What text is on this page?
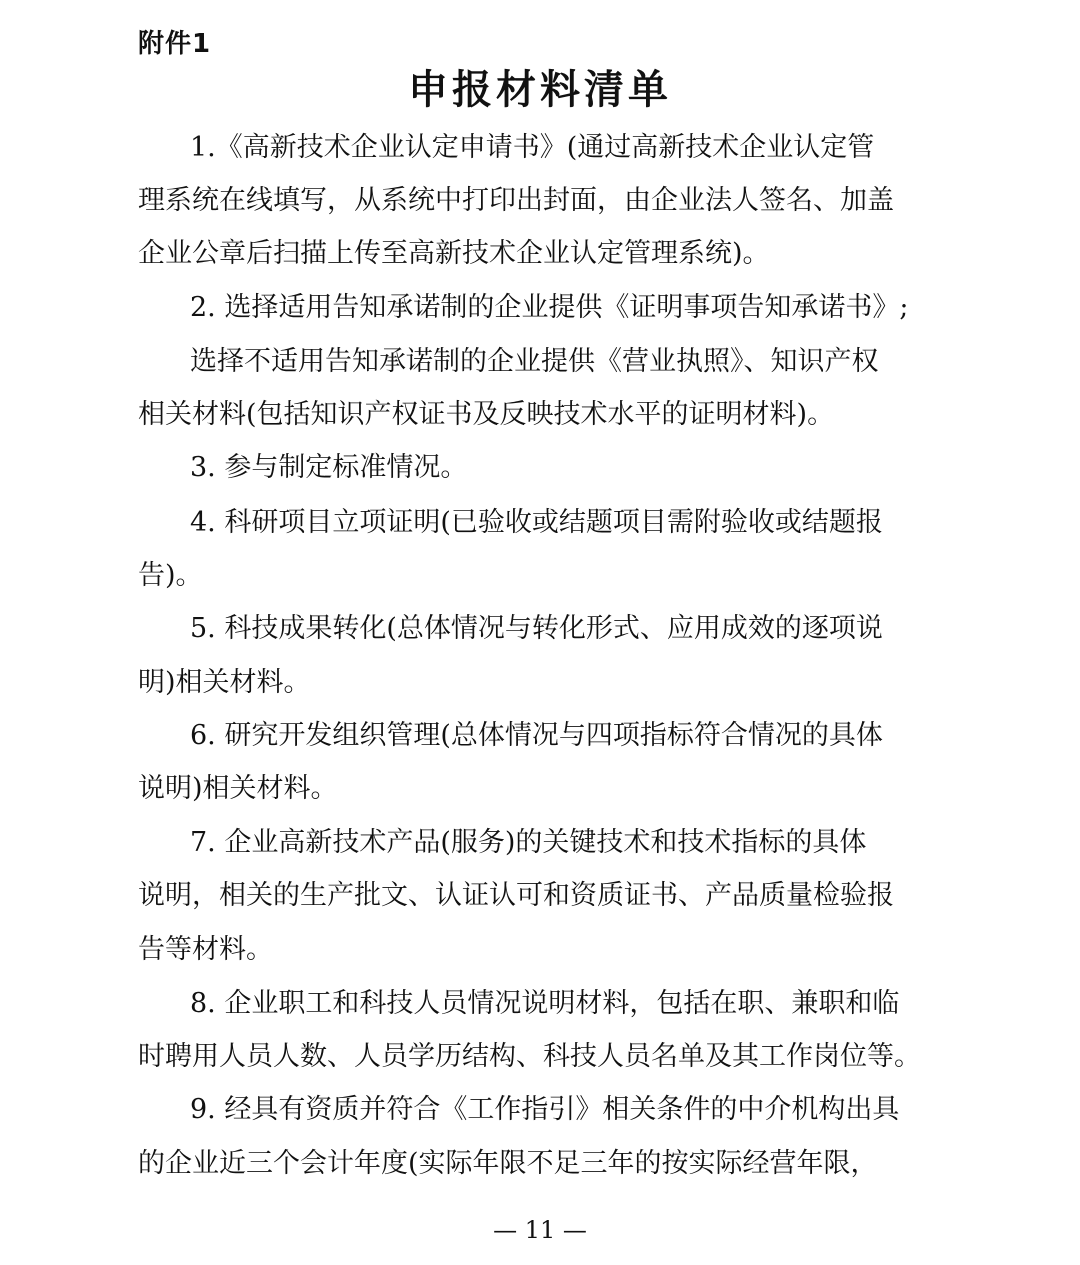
附件1
申报材料清单
1.《高新技术企业认定申请书》(通过高新技术企业认定管
理系统在线填写，从系统中打印出封面，由企业法人签名、加盖
企业公章后扫描上传至高新技术企业认定管理系统)。
2. 选择适用告知承诺制的企业提供《证明事项告知承诺书》;
选择不适用告知承诺制的企业提供《营业执照》、知识产权
相关材料(包括知识产权证书及反映技术水平的证明材料)。
3. 参与制定标准情况。
4. 科研项目立项证明(已验收或结题项目需附验收或结题报
告)。
5. 科技成果转化(总体情况与转化形式、应用成效的逐项说
明)相关材料。
6. 研究开发组织管理(总体情况与四项指标符合情况的具体
说明)相关材料。
7. 企业高新技术产品(服务)的关键技术和技术指标的具体
说明，相关的生产批文、认证认可和资质证书、产品质量检验报
告等材料。
8. 企业职工和科技人员情况说明材料，包括在职、兼职和临
时聘用人员人数、人员学历结构、科技人员名单及其工作岗位等。
9. 经具有资质并符合《工作指引》相关条件的中介机构出具
的企业近三个会计年度(实际年限不足三年的按实际经营年限，
— 11 —
